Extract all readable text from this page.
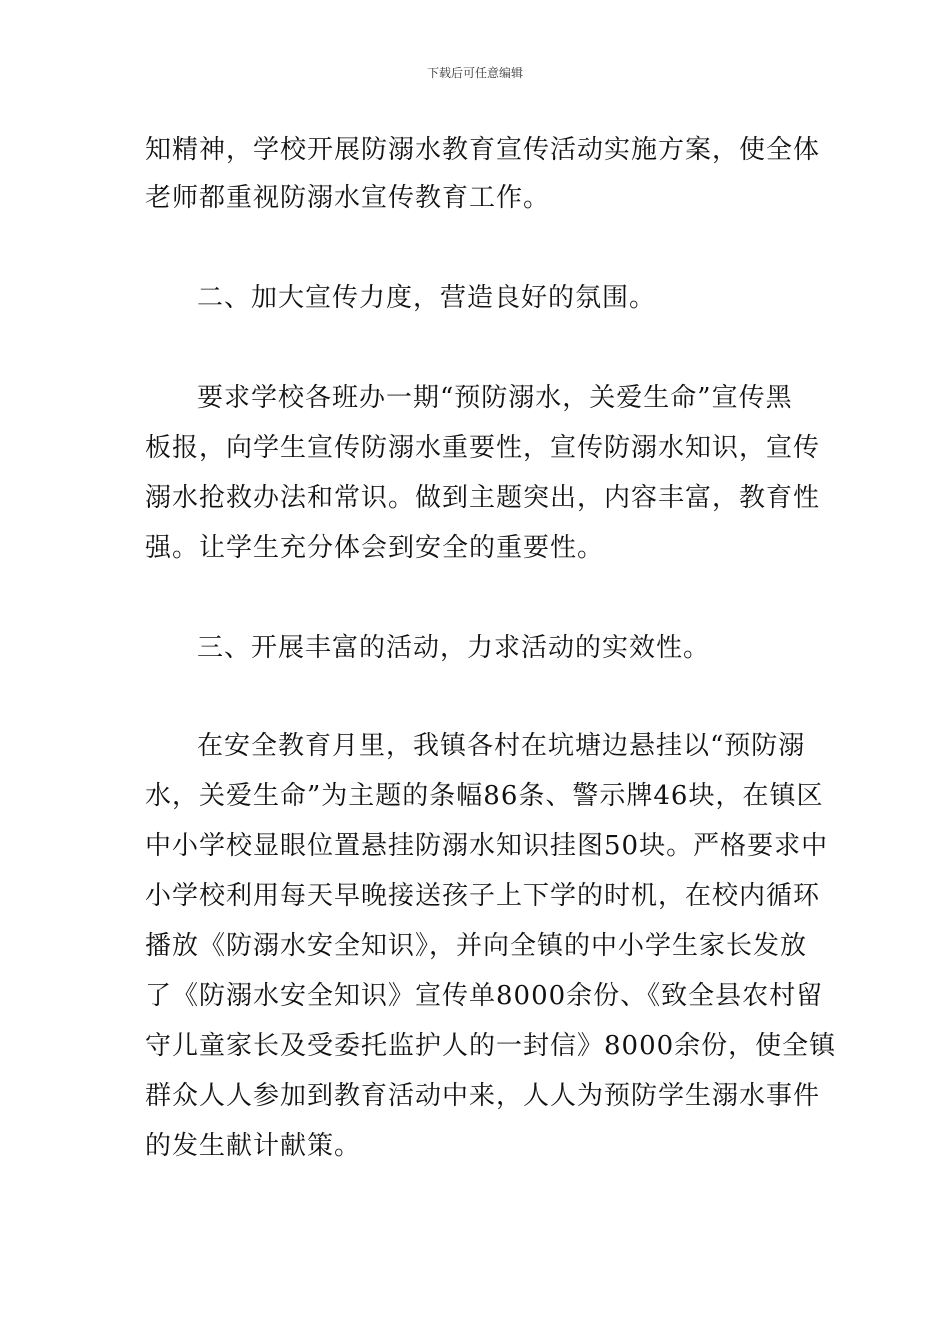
下载后可任意编辑
知精神，学校开展防溺水教育宣传活动实施方案，使全体
老师都重视防溺水宣传教育工作。
二、加大宣传力度，营造良好的氛围。
要求学校各班办一期“预防溺水，关爱生命”宣传黑
板报，向学生宣传防溺水重要性，宣传防溺水知识，宣传
溺水抢救办法和常识。做到主题突出，内容丰富，教育性
强。让学生充分体会到安全的重要性。
三、开展丰富的活动，力求活动的实效性。
在安全教育月里，我镇各村在坑塘边悬挂以“预防溺
水，关爱生命”为主题的条幅86条、警示牌46块，在镇区
中小学校显眼位置悬挂防溺水知识挂图50块。严格要求中
小学校利用每天早晚接送孩子上下学的时机，在校内循环
播放《防溺水安全知识》，并向全镇的中小学生家长发放
了《防溺水安全知识》宣传单8000余份、《致全县农村留
守儿童家长及受委托监护人的一封信》8000余份，使全镇
群众人人参加到教育活动中来，人人为预防学生溺水事件
的发生献计献策。
